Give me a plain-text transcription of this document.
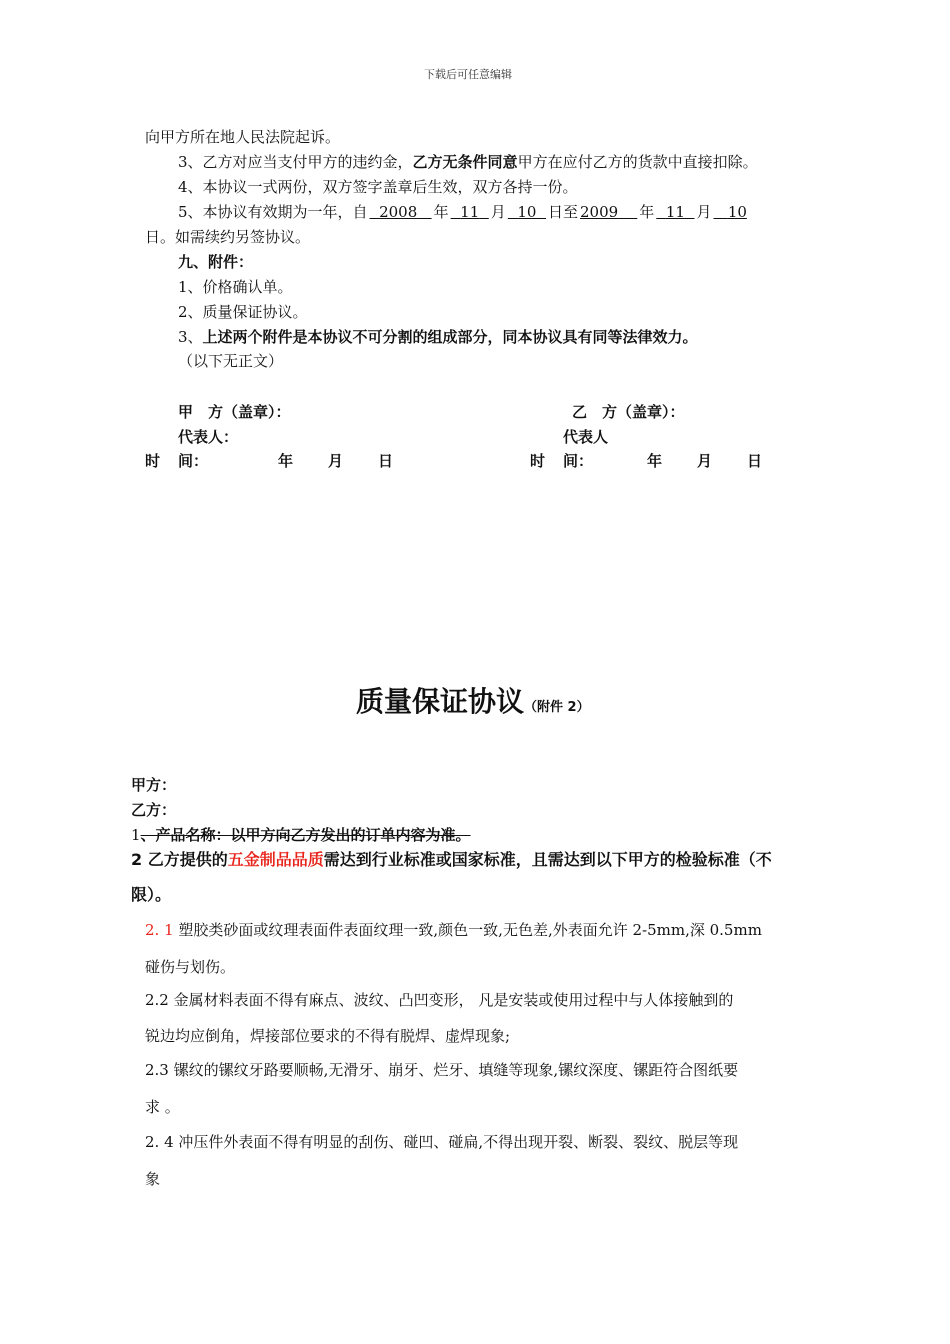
下载后可任意编辑
向甲方所在地人民法院起诉。
3、乙方对应当支付甲方的违约金，乙方无条件同意甲方在应付乙方的货款中直接扣除。
4、本协议一式两份，双方签字盖章后生效，双方各持一份。
5、本协议有效期为一年，自 2008 年 11 月 10 日至 2009 年 11 月 10
日。如需续约另签协议。
九、附件：
1、价格确认单。
2、质量保证协议。
3、上述两个附件是本协议不可分割的组成部分，同本协议具有同等法律效力。
（以下无正文）
甲　方（盖章）：	乙　方（盖章）：
代表人：	代表人
时 间：	年 月 日	时 间：	年 月 日
质量保证协议（附件 2）
甲方：
乙方：
1、产品名称：以甲方向乙方发出的订单内容为准。
2 乙方提供的五金制品品质需达到行业标准或国家标准，且需达到以下甲方的检验标准（不
限）。
2. 1 塑胶类砂面或纹理表面件表面纹理一致,颜色一致,无色差,外表面允许 2-5mm,深 0.5mm
碰伤与划伤。
2.2 金属材料表面不得有麻点、波纹、凸凹变形， 凡是安装或使用过程中与人体接触到的
锐边均应倒角，焊接部位要求的不得有脱焊、虚焊现象;
2.3 镙纹的镙纹牙路要顺畅,无滑牙、崩牙、烂牙、填缝等现象,镙纹深度、镙距符合图纸要
求 。
2. 4 冲压件外表面不得有明显的刮伤、碰凹、碰扁,不得出现开裂、断裂、裂纹、脱层等现
象
